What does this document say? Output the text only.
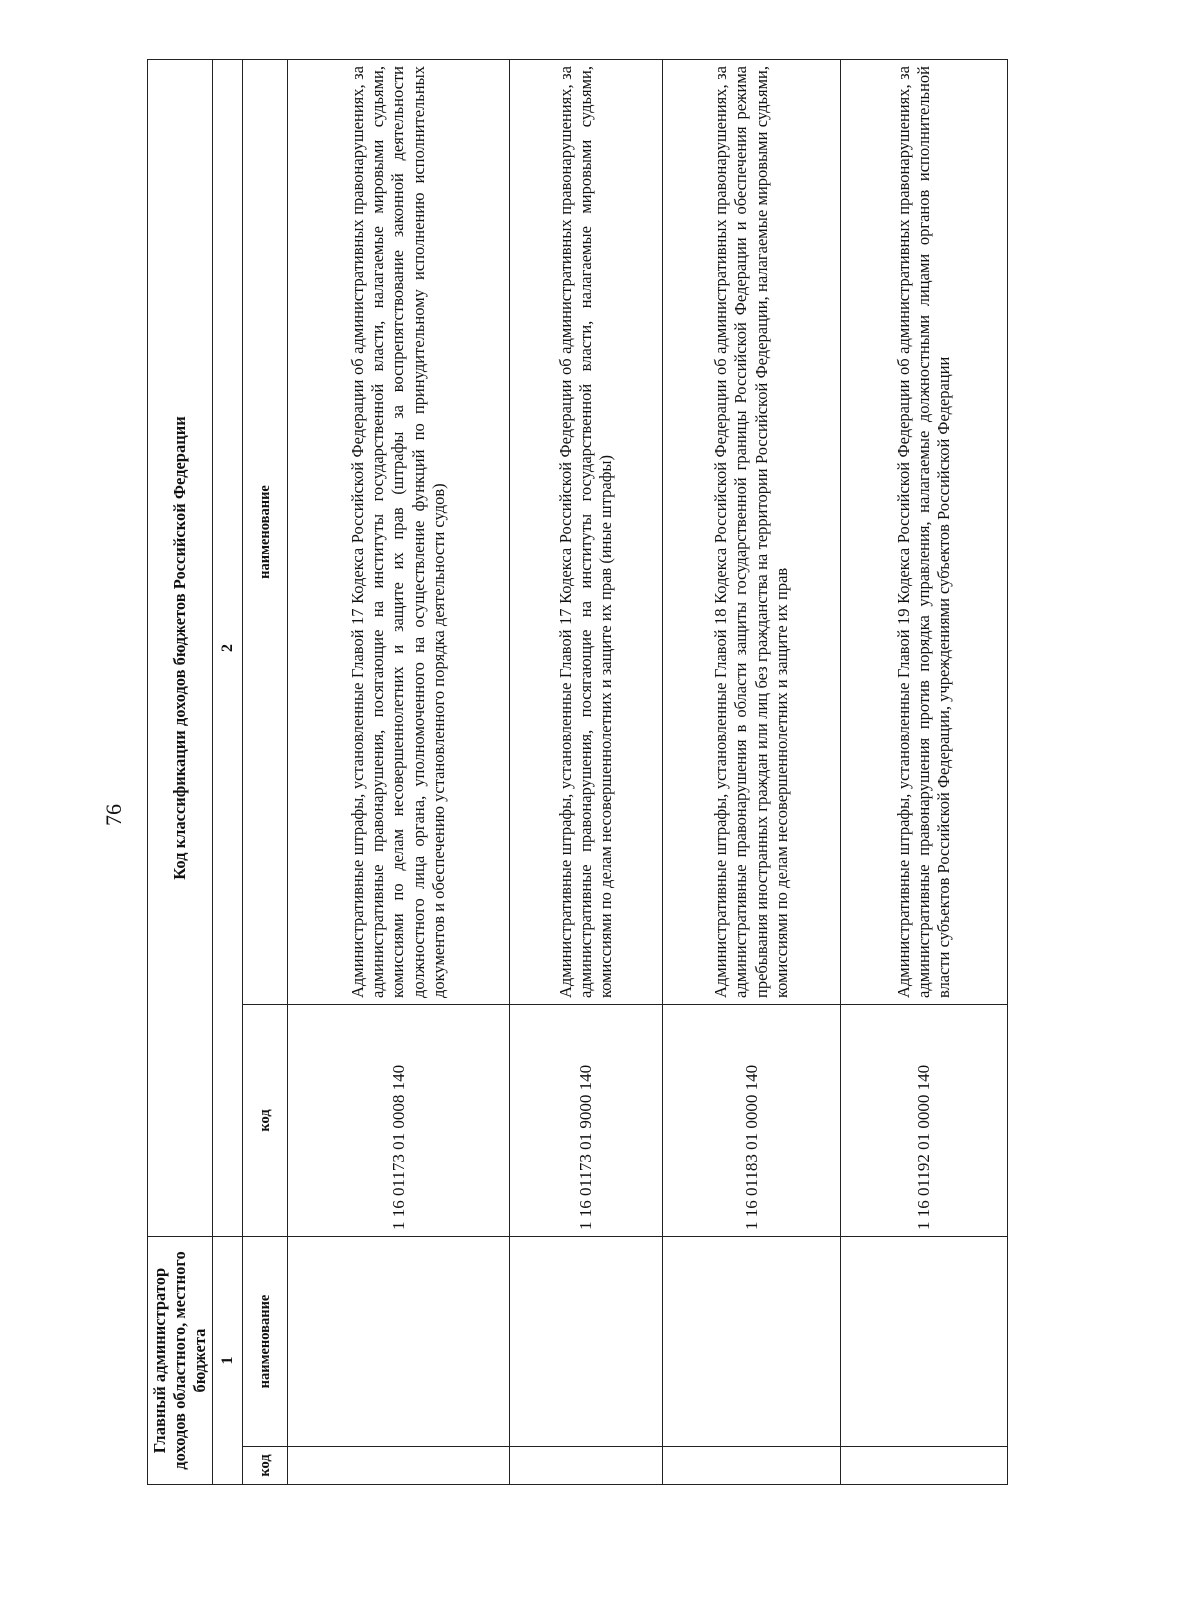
76
Главный администратор доходов областного, местного бюджета		Код классификации доходов бюджетов Российской Федерации	
1		2	
код	наименование	код	наименование
		1 16 01173 01 0008 140	Административные штрафы, установленные Главой 17 Кодекса Российской Федерации об административных правонарушениях, за административные правонарушения, посягающие на институты государственной власти, налагаемые мировыми судьями, комиссиями по делам несовершеннолетних и защите их прав (штрафы за воспрепятствование законной деятельности должностного лица органа, уполномоченного на осуществление функций по принудительному исполнению исполнительных документов и обеспечению установленного порядка деятельности судов)
		1 16 01173 01 9000 140	Административные штрафы, установленные Главой 17 Кодекса Российской Федерации об административных правонарушениях, за административные правонарушения, посягающие на институты государственной власти, налагаемые мировыми судьями, комиссиями по делам несовершеннолетних и защите их прав (иные штрафы)
		1 16 01183 01 0000 140	Административные штрафы, установленные Главой 18 Кодекса Российской Федерации об административных правонарушениях, за административные правонарушения в области защиты государственной границы Российской Федерации и обеспечения режима пребывания иностранных граждан или лиц без гражданства на территории Российской Федерации, налагаемые мировыми судьями, комиссиями по делам несовершеннолетних и защите их прав
		1 16 01192 01 0000 140	Административные штрафы, установленные Главой 19 Кодекса Российской Федерации об административных правонарушениях, за административные правонарушения против порядка управления, налагаемые должностными лицами органов исполнительной власти субъектов Российской Федерации, учреждениями субъектов Российской Федерации
